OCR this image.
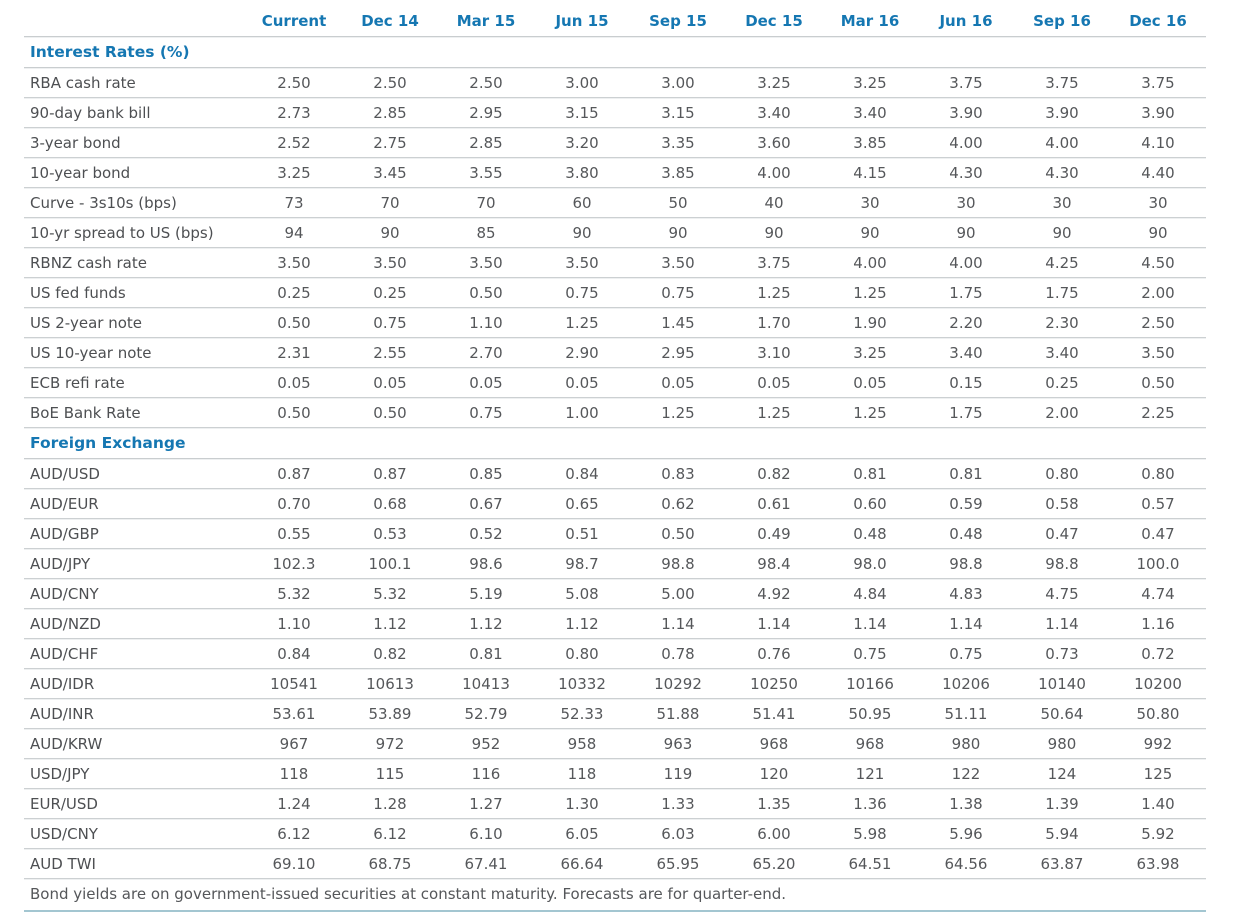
	Current	Dec 14	Mar 15	Jun 15	Sep 15	Dec 15	Mar 16	Jun 16	Sep 16	Dec 16
Interest Rates (%)										
RBA cash rate	2.50	2.50	2.50	3.00	3.00	3.25	3.25	3.75	3.75	3.75
90-day bank bill	2.73	2.85	2.95	3.15	3.15	3.40	3.40	3.90	3.90	3.90
3-year bond	2.52	2.75	2.85	3.20	3.35	3.60	3.85	4.00	4.00	4.10
10-year bond	3.25	3.45	3.55	3.80	3.85	4.00	4.15	4.30	4.30	4.40
Curve - 3s10s (bps)	73	70	70	60	50	40	30	30	30	30
10-yr spread to US (bps)	94	90	85	90	90	90	90	90	90	90
RBNZ cash rate	3.50	3.50	3.50	3.50	3.50	3.75	4.00	4.00	4.25	4.50
US fed funds	0.25	0.25	0.50	0.75	0.75	1.25	1.25	1.75	1.75	2.00
US 2-year note	0.50	0.75	1.10	1.25	1.45	1.70	1.90	2.20	2.30	2.50
US 10-year note	2.31	2.55	2.70	2.90	2.95	3.10	3.25	3.40	3.40	3.50
ECB refi rate	0.05	0.05	0.05	0.05	0.05	0.05	0.05	0.15	0.25	0.50
BoE Bank Rate	0.50	0.50	0.75	1.00	1.25	1.25	1.25	1.75	2.00	2.25
Foreign Exchange										
AUD/USD	0.87	0.87	0.85	0.84	0.83	0.82	0.81	0.81	0.80	0.80
AUD/EUR	0.70	0.68	0.67	0.65	0.62	0.61	0.60	0.59	0.58	0.57
AUD/GBP	0.55	0.53	0.52	0.51	0.50	0.49	0.48	0.48	0.47	0.47
AUD/JPY	102.3	100.1	98.6	98.7	98.8	98.4	98.0	98.8	98.8	100.0
AUD/CNY	5.32	5.32	5.19	5.08	5.00	4.92	4.84	4.83	4.75	4.74
AUD/NZD	1.10	1.12	1.12	1.12	1.14	1.14	1.14	1.14	1.14	1.16
AUD/CHF	0.84	0.82	0.81	0.80	0.78	0.76	0.75	0.75	0.73	0.72
AUD/IDR	10541	10613	10413	10332	10292	10250	10166	10206	10140	10200
AUD/INR	53.61	53.89	52.79	52.33	51.88	51.41	50.95	51.11	50.64	50.80
AUD/KRW	967	972	952	958	963	968	968	980	980	992
USD/JPY	118	115	116	118	119	120	121	122	124	125
EUR/USD	1.24	1.28	1.27	1.30	1.33	1.35	1.36	1.38	1.39	1.40
USD/CNY	6.12	6.12	6.10	6.05	6.03	6.00	5.98	5.96	5.94	5.92
AUD TWI	69.10	68.75	67.41	66.64	65.95	65.20	64.51	64.56	63.87	63.98
Bond yields are on government-issued securities at constant maturity. Forecasts are for quarter-end.
